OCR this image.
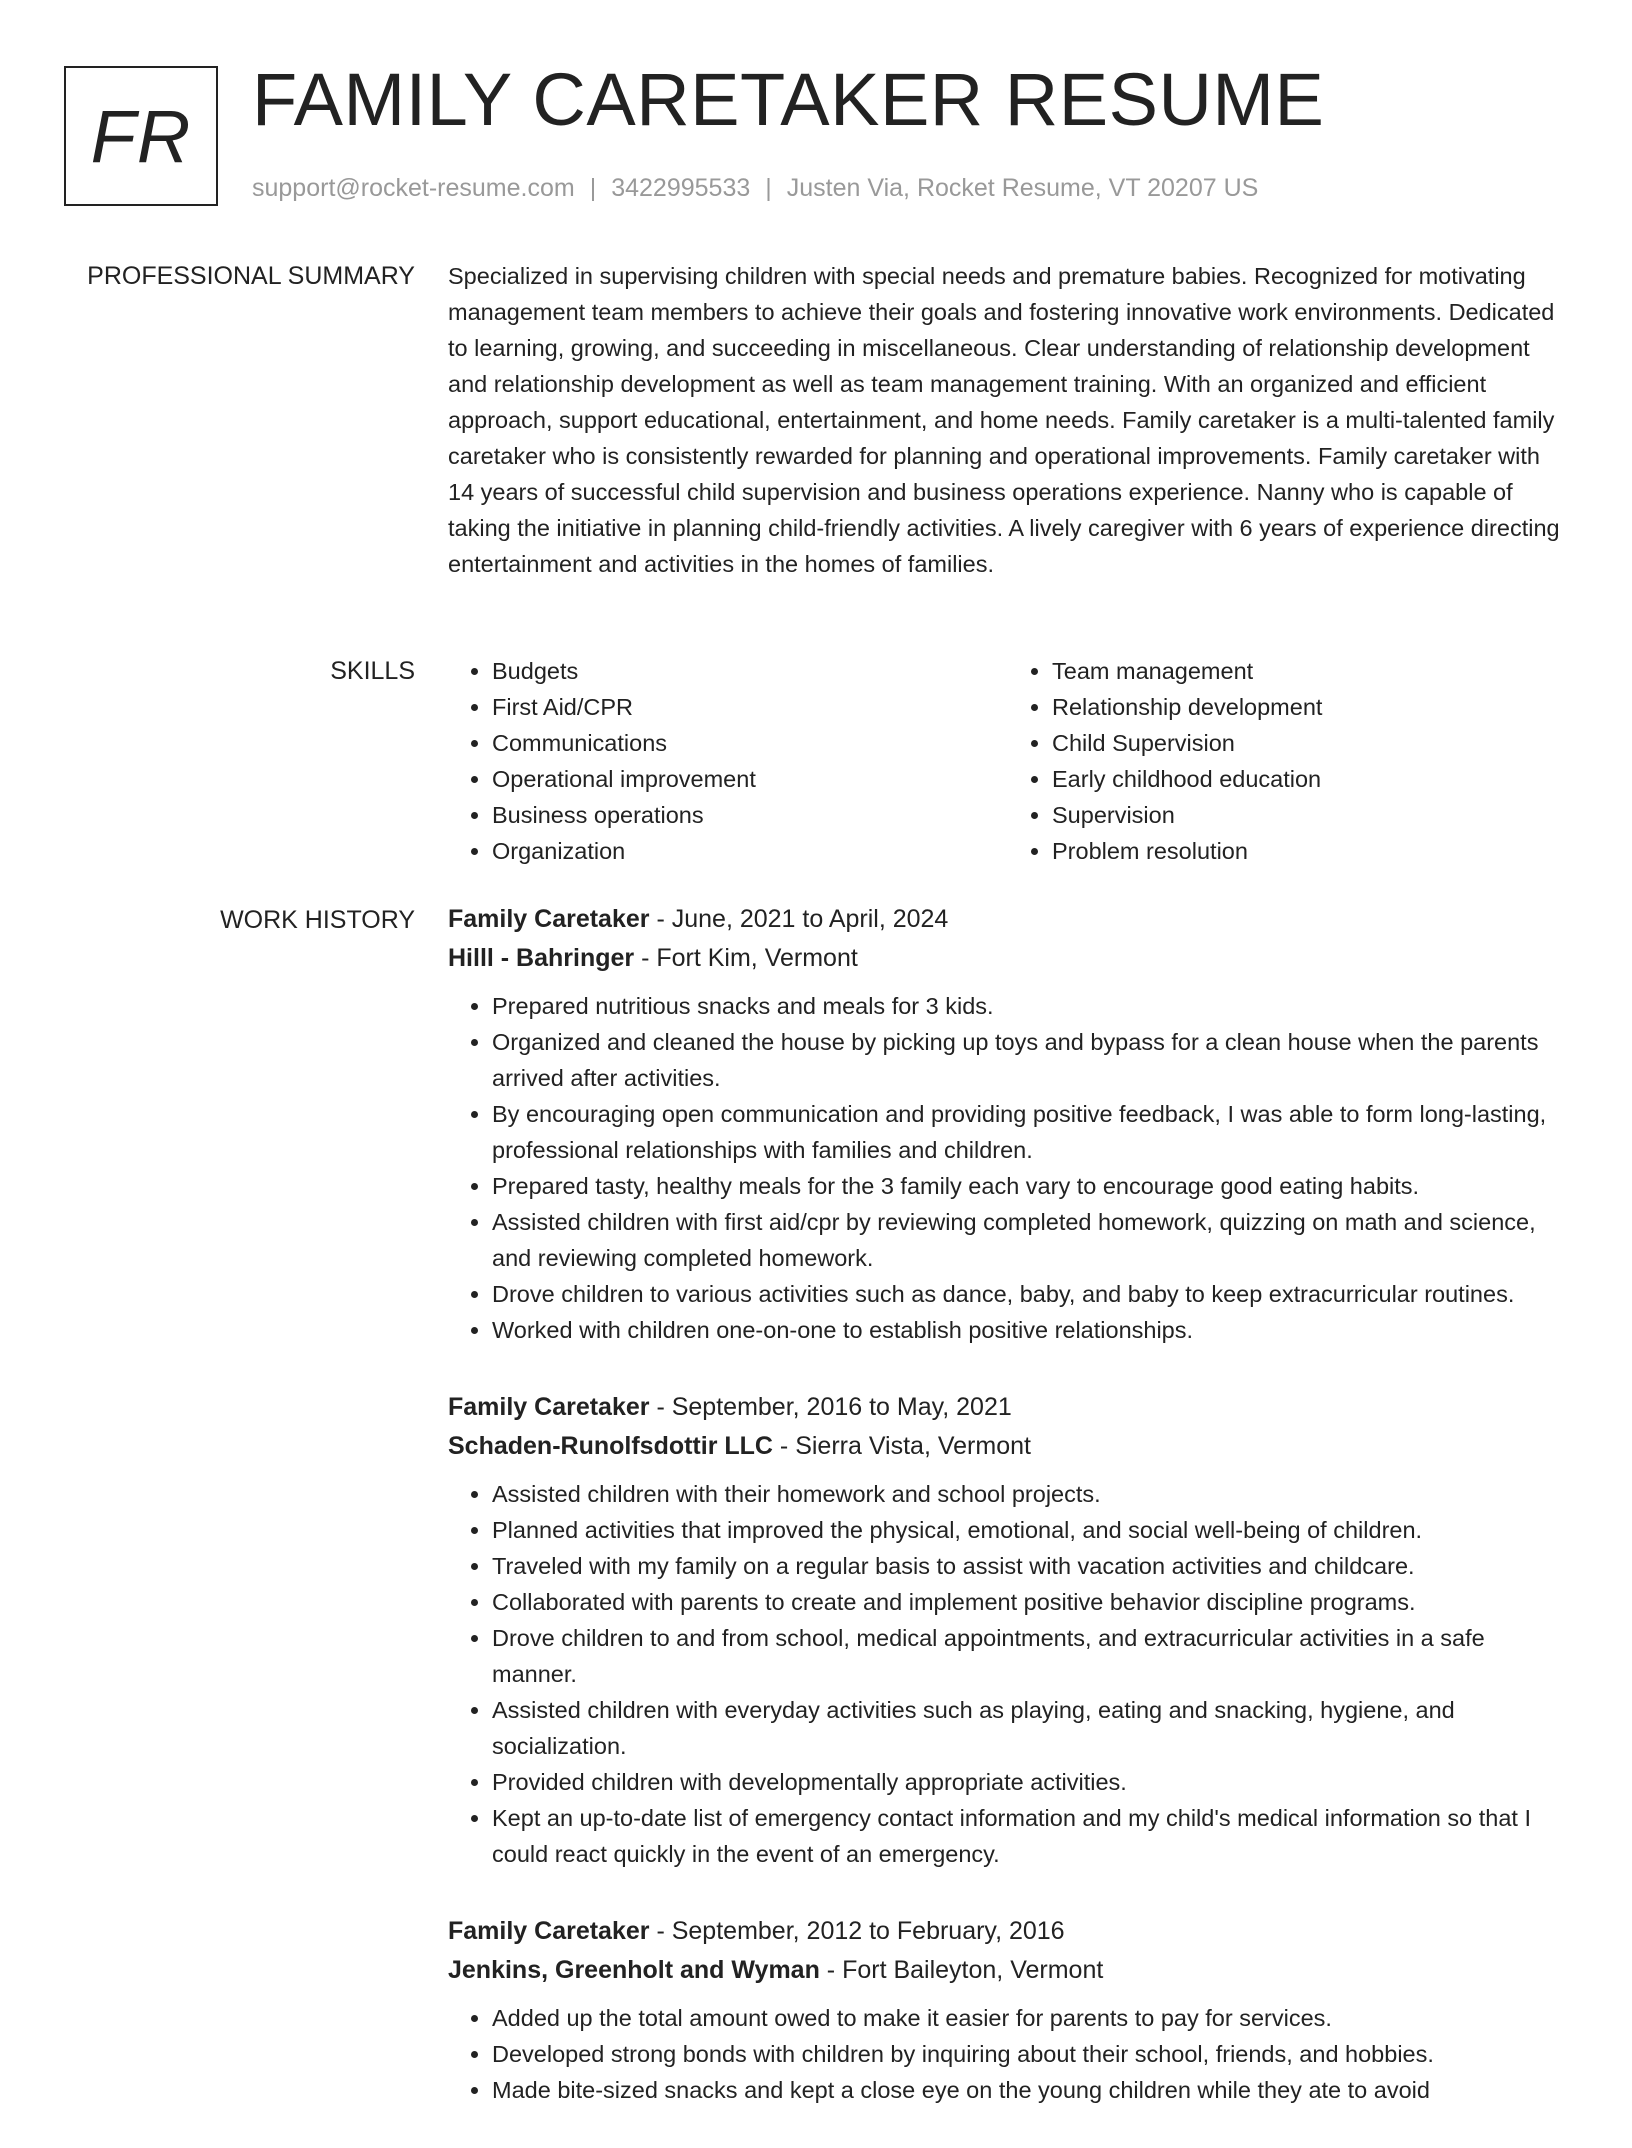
FR FAMILY CARETAKER RESUME
support@rocket-resume.com | 3422995533 | Justen Via, Rocket Resume, VT 20207 US
PROFESSIONAL SUMMARY Specialized in supervising children with special needs and premature babies. Recognized for motivating management team members to achieve their goals and fostering innovative work environments. Dedicated to learning, growing, and succeeding in miscellaneous. Clear understanding of relationship development and relationship development as well as team management training. With an organized and efficient approach, support educational, entertainment, and home needs. Family caretaker is a multi-talented family caretaker who is consistently rewarded for planning and operational improvements. Family caretaker with 14 years of successful child supervision and business operations experience. Nanny who is capable of taking the initiative in planning child-friendly activities. A lively caregiver with 6 years of experience directing entertainment and activities in the homes of families.

SKILLS
•	Budgets
• First Aid/CPR
• Communications
• Operational improvement
• Business operations
• Organization
• Team management
• Relationship development
• Child Supervision
• Early childhood education
• Supervision
• Problem resolution
WORK HISTORY Family Caretaker - June, 2021 to April, 2024
Hilll - Bahringer - Fort Kim, Vermont
• Prepared nutritious snacks and meals for 3 kids.
• Organized and cleaned the house by picking up toys and bypass for a clean house when the parents arrived after activities.
• By encouraging open communication and providing positive feedback, I was able to form long-lasting, professional relationships with families and children.
• Prepared tasty, healthy meals for the 3 family each vary to encourage good eating habits.
• Assisted children with first aid/cpr by reviewing completed homework, quizzing on math and science, and reviewing completed homework.
• Drove children to various activities such as dance, baby, and baby to keep extracurricular routines.
• Worked with children one-on-one to establish positive relationships.
Family Caretaker - September, 2016 to May, 2021
Schaden-Runolfsdottir LLC - Sierra Vista, Vermont
• Assisted children with their homework and school projects.
• Planned activities that improved the physical, emotional, and social well-being of children.
• Traveled with my family on a regular basis to assist with vacation activities and childcare.
• Collaborated with parents to create and implement positive behavior discipline programs.
• Drove children to and from school, medical appointments, and extracurricular activities in a safe manner.
• Assisted children with everyday activities such as playing, eating and snacking, hygiene, and socialization.
• Provided children with developmentally appropriate activities.
• Kept an up-to-date list of emergency contact information and my child's medical information so that I could react quickly in the event of an emergency.
Family Caretaker - September, 2012 to February, 2016
Jenkins, Greenholt and Wyman - Fort Baileyton, Vermont
• Added up the total amount owed to make it easier for parents to pay for services.
• Developed strong bonds with children by inquiring about their school, friends, and hobbies.
• Made bite-sized snacks and kept a close eye on the young children while they ate to avoid
